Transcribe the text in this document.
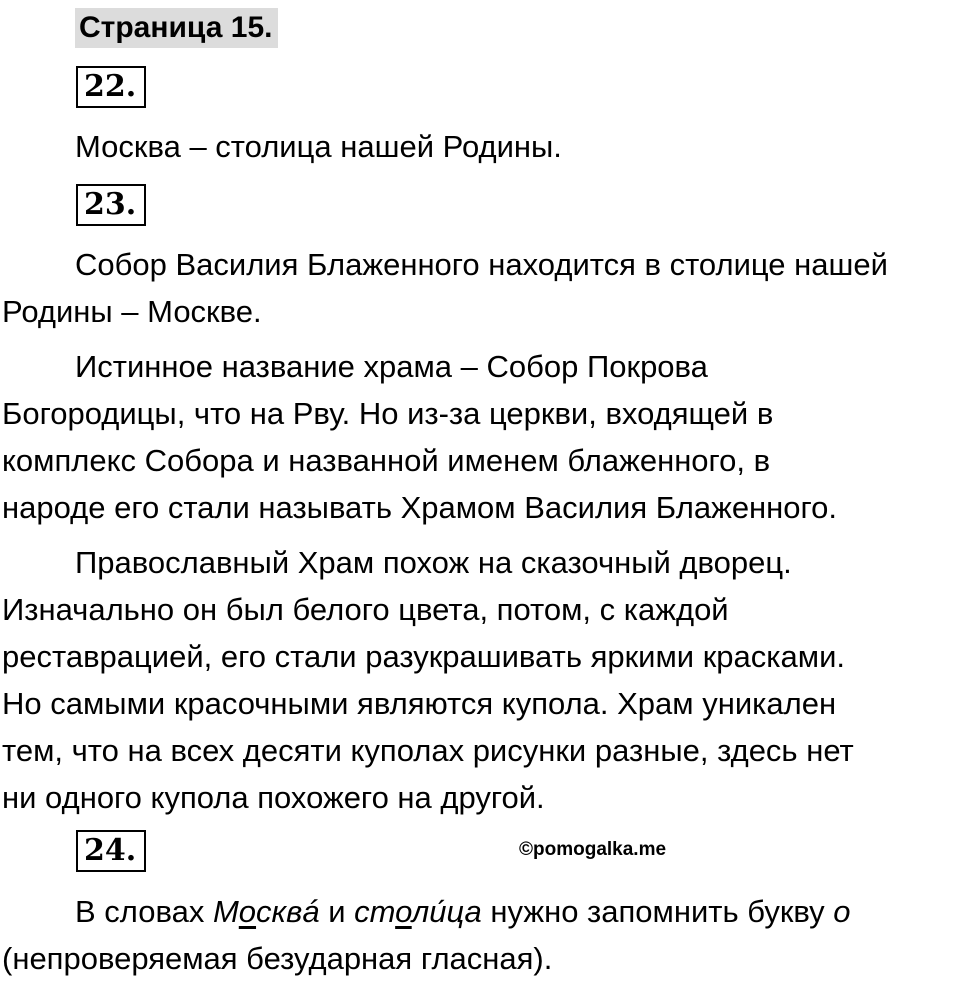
Страница 15.
22.

Москва – столица нашей Родины.

23.

Собор Василия Блаженного находится в столице нашей
Родины – Москве.

Истинное название храма – Собор Покрова
Богородицы, что на Рву. Но из-за церкви, входящей в
комплекс Собора и названной именем блаженного, в
народе его стали называть Храмом Василия Блаженного.

Православный Храм похож на сказочный дворец.
Изначально он был белого цвета, потом, с каждой
реставрацией, его стали разукрашивать яркими красками.
Но самыми красочными являются купола. Храм уникален
тем, что на всех десяти куполах рисунки разные, здесь нет
ни одного купола похожего на другой.

24.	©pomogalka.me

В словах Москвá и столи́ца нужно запомнить букву о
(непроверяемая безударная гласная).
